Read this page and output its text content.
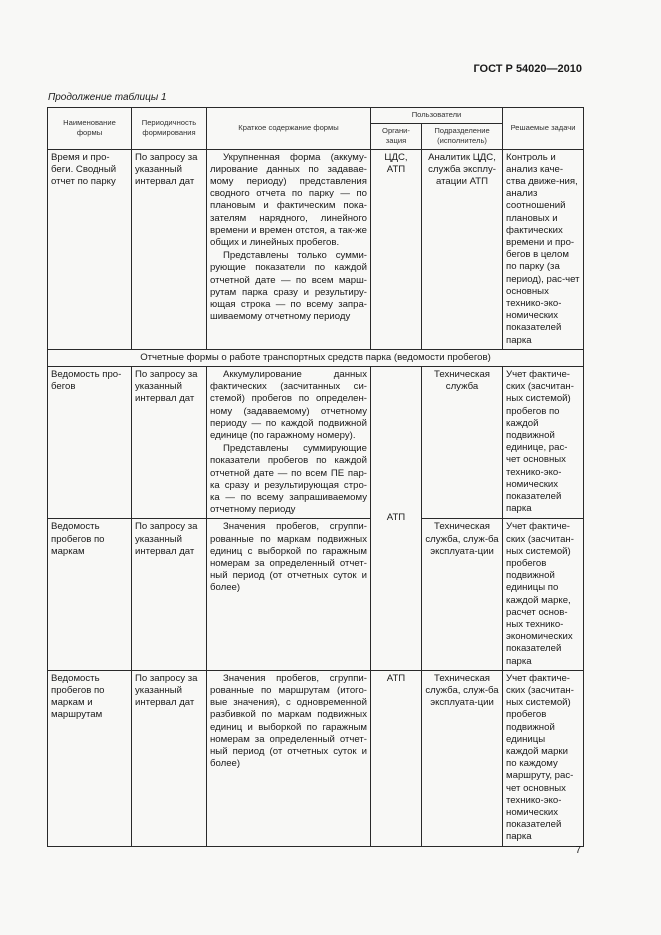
ГОСТ Р 54020—2010
Продолжение таблицы 1
Наименование формы	Периодичность формирования	Краткое содержание формы	Пользователи		Решаемые задачи
			Органи-зация	Подразделение (исполнитель)	
Время и про-беги. Сводный отчет по парку	По запросу за указанный интервал дат	Укрупненная форма (аккуму-лирование данных по задавае-мому периоду) представления сводного отчета по парку — по плановым и фактическим пока-зателям нарядного, линейного времени и времен отстоя, а так-же общих и линейных пробегов.
Представлены только сумми-рующие показатели по каждой отчетной дате — по всем марш-рутам парка сразу и результиру-ющая строка — по всему запра-шиваемому отчетному периоду	ЦДС, АТП	Аналитик ЦДС, служба эксплу-атации АТП	Контроль и анализ каче-ства движе-ния, анализ соотношений плановых и фактических времени и про-бегов в целом по парку (за период), рас-чет основных технико-эко-номических показателей парка
Отчетные формы о работе транспортных средств парка (ведомости пробегов)					
Ведомость про-бегов	По запросу за указанный интервал дат	Аккумулирование данных фактических (засчитанных си-стемой) пробегов по определен-ному (задаваемому) отчетному периоду — по каждой подвижной единице (по гаражному номеру).
Представлены суммирующие показатели пробегов по каждой отчетной дате — по всем ПЕ пар-ка сразу и результирующая стро-ка — по всему запрашиваемому отчетному периоду	АТП	Техническая служба	Учет фактиче-ских (засчитан-ных системой) пробегов по каждой подвижной единице, рас-чет основных технико-эко-номических показателей парка
Ведомость пробегов по маркам	По запросу за указанный интервал дат	Значения пробегов, сгруппи-рованные по маркам подвижных единиц с выборкой по гаражным номерам за определенный отчет-ный период (от отчетных суток и более)		Техническая служба, служ-ба эксплуата-ции	Учет фактиче-ских (засчитан-ных системой) пробегов подвижной единицы по каждой марке, расчет основ-ных технико-экономических показателей парка
Ведомость пробегов по маркам и маршрутам	По запросу за указанный интервал дат	Значения пробегов, сгруппи-рованные по маршрутам (итого-вые значения), с одновременной разбивкой по маркам подвижных единиц и выборкой по гаражным номерам за определенный отчет-ный период (от отчетных суток и более)	АТП	Техническая служба, служ-ба эксплуата-ции	Учет фактиче-ских (засчитан-ных системой) пробегов подвижной единицы каждой марки по каждому маршруту, рас-чет основных технико-эко-номических показателей парка
7
